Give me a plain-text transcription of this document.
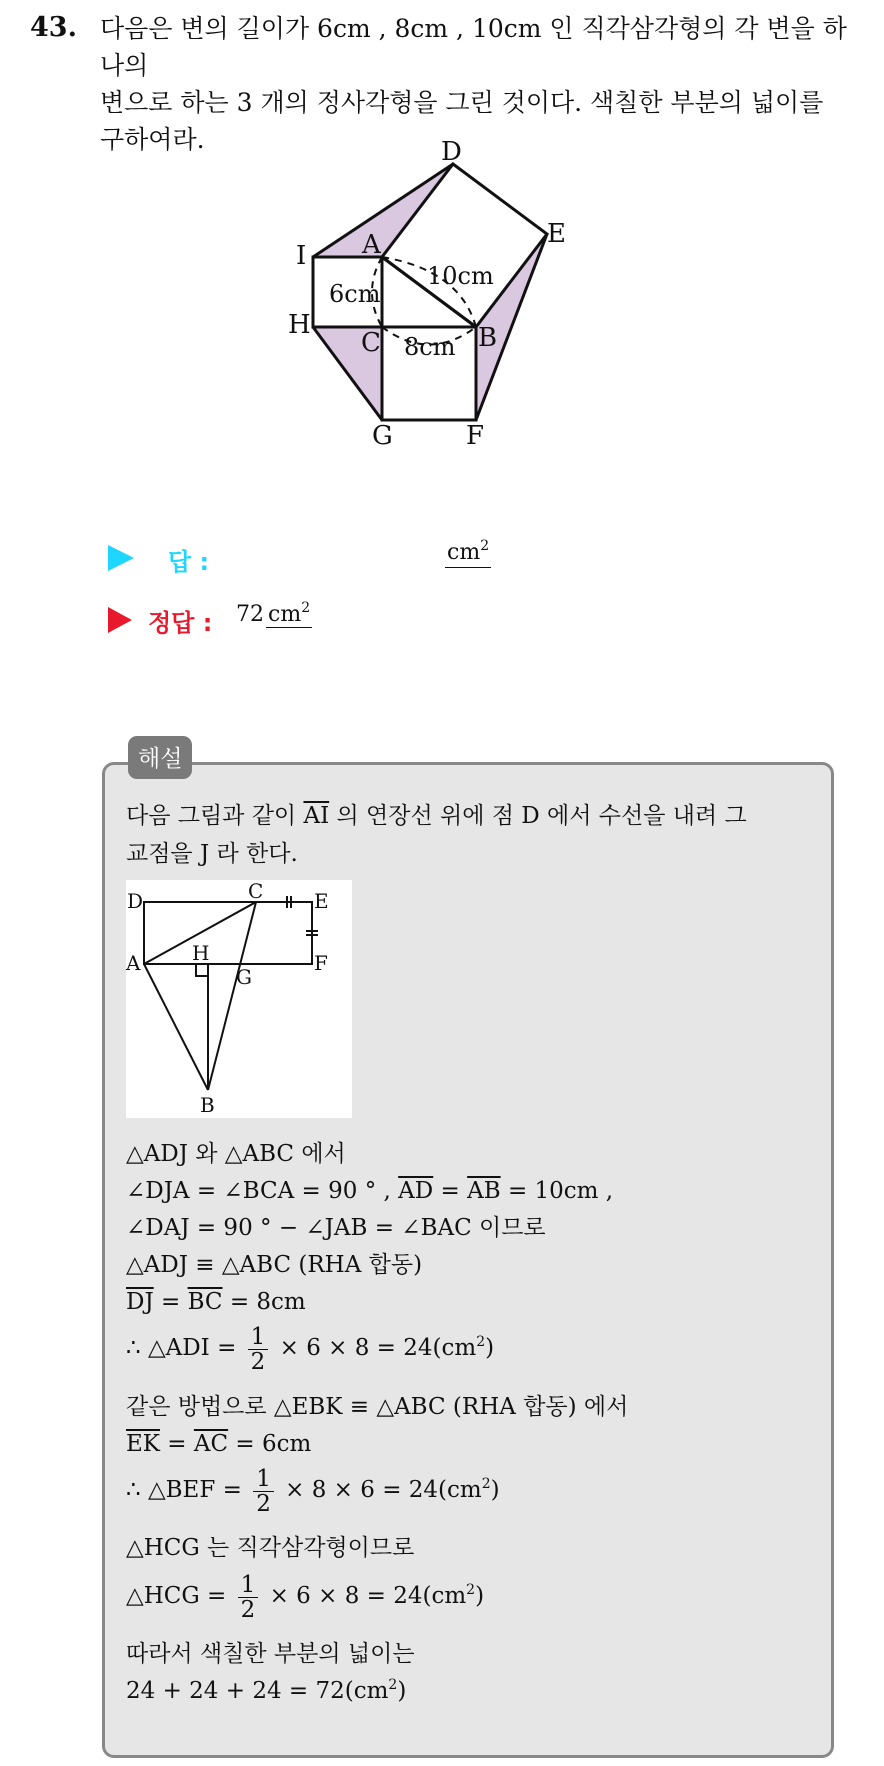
43. 다음은 변의 길이가 6cm , 8cm , 10cm 인 직각삼각형의 각 변을 하나의
변으로 하는 3 개의 정사각형을 그린 것이다. 색칠한 부분의 넓이를
구하여라.	D
E
I A
H
C	B
G	F
6cm
10cm
8cm
답 :	$cm^2$
정답 : 72 $cm^2$
해설
다음 그림과 같이 $\overline{AI}$ 의 연장선 위에 점 D 에서 수선을 내려 그
교점을 J 라 한다.
D	C	E
A	H	F
G
B
△ADJ 와 △ABC 에서
∠DJA = ∠BCA = 90 ° , $\overline{AD} = \overline{AB} = 10cm$ ,
∠DAJ = 90 ° − ∠JAB = ∠BAC 이므로
△ADJ ≡ △ABC (RHA 합동)
$\overline{DJ} = \overline{BC} = 8cm$
∴ △ADI = $\frac{1}{2} \times 6 \times 8 = 24(cm^2)$
같은 방법으로 △EBK ≡ △ABC (RHA 합동) 에서
$\overline{EK} = \overline{AC} = 6cm$
∴ △BEF = $\frac{1}{2} \times 8 \times 6 = 24(cm^2)$
△HCG 는 직각삼각형이므로
△HCG = $\frac{1}{2} \times 6 \times 8 = 24(cm^2)$
따라서 색칠한 부분의 넓이는
$24 + 24 + 24 = 72(cm^2)$
